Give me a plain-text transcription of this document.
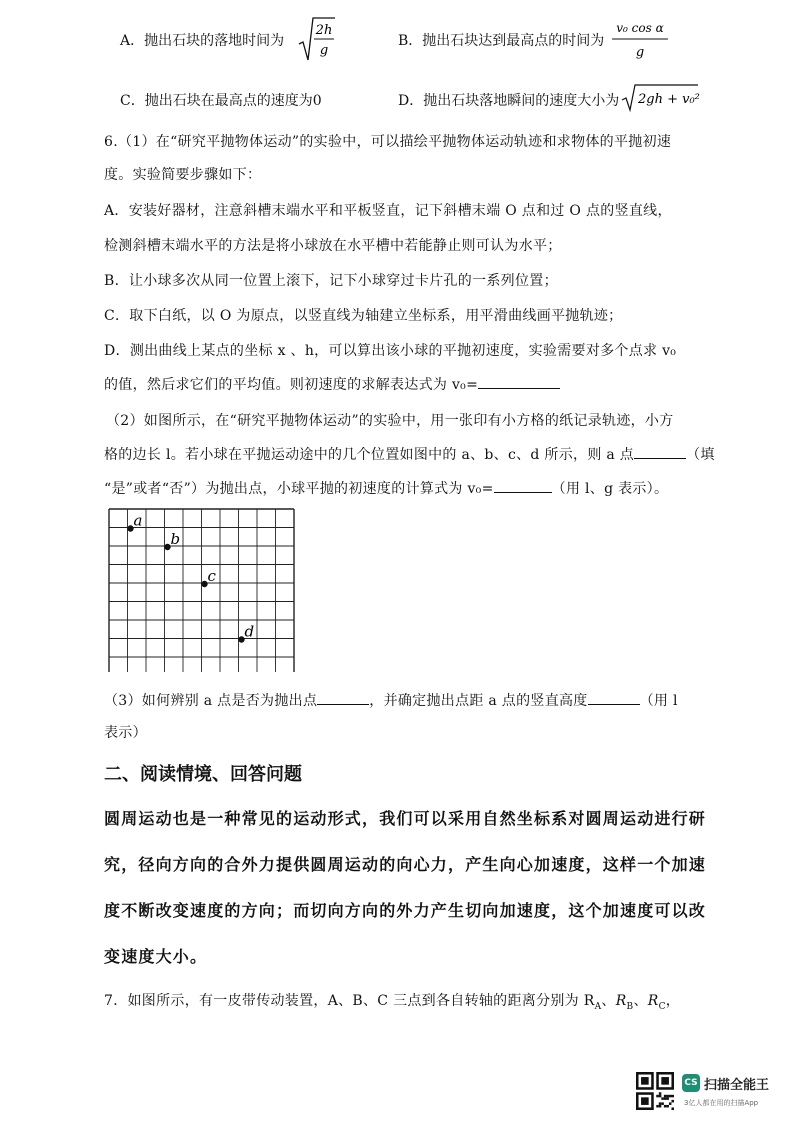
A．抛出石块的落地时间为
2h
g
B．抛出石块达到最高点的时间为
v₀ cos α
g
C．抛出石块在最高点的速度为0	D．抛出石块落地瞬间的速度大小为 2gh + v₀²
6.（1）在“研究平抛物体运动”的实验中，可以描绘平抛物体运动轨迹和求物体的平抛初速
度。实验简要步骤如下：
A．安装好器材，注意斜槽末端水平和平板竖直，记下斜槽末端 O 点和过 O 点的竖直线，
检测斜槽末端水平的方法是将小球放在水平槽中若能静止则可认为水平；
B．让小球多次从同一位置上滚下，记下小球穿过卡片孔的一系列位置；
C．取下白纸，以 O 为原点，以竖直线为轴建立坐标系，用平滑曲线画平抛轨迹；
D．测出曲线上某点的坐标 x 、h，可以算出该小球的平抛初速度，实验需要对多个点求 v₀
的值，然后求它们的平均值。则初速度的求解表达式为 v₀=
（2）如图所示，在“研究平抛物体运动”的实验中，用一张印有小方格的纸记录轨迹，小方
格的边长 l。若小球在平抛运动途中的几个位置如图中的 a、b、c、d 所示，则 a 点	（填
“是”或者“否”）为抛出点，小球平抛的初速度的计算式为 v₀=	（用 l、g 表示）。
a
b
c
d
（3）如何辨别 a 点是否为抛出点	，并确定抛出点距 a 点的竖直高度	（用 l
表示）
二、阅读情境、回答问题
圆周运动也是一种常见的运动形式，我们可以采用自然坐标系对圆周运动进行研
究，径向方向的合外力提供圆周运动的向心力，产生向心加速度，这样一个加速
度不断改变速度的方向；而切向方向的外力产生切向加速度，这个加速度可以改
变速度大小。
7．如图所示，有一皮带传动装置，A、B、C 三点到各自转轴的距离分别为 $R_A$、$R_B$、$R_C$，
CS 扫描全能王
3亿人都在用的扫描App
